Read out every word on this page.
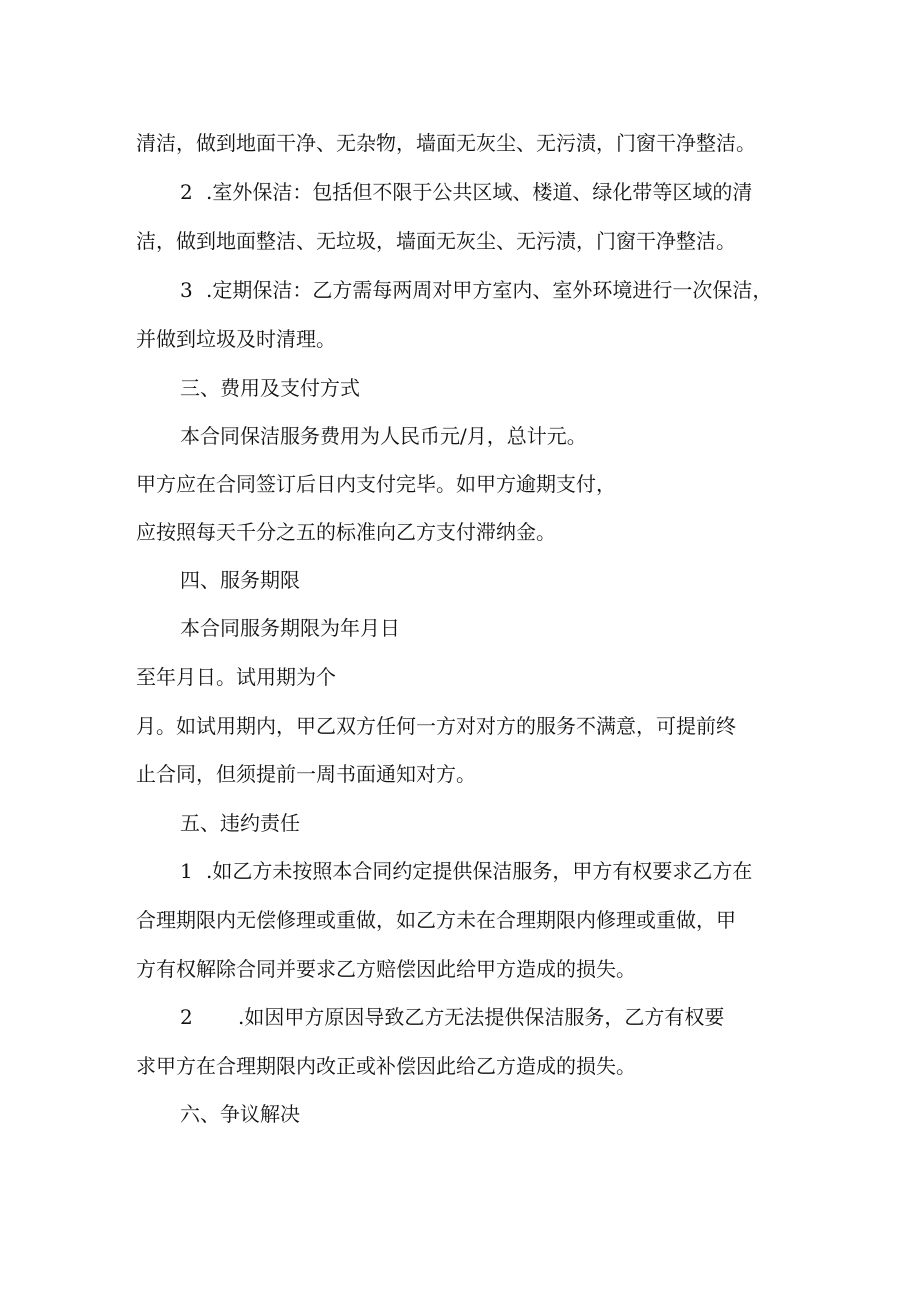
清洁，做到地面干净、无杂物，墙面无灰尘、无污渍，门窗干净整洁。
2 .室外保洁：包括但不限于公共区域、楼道、绿化带等区域的清
洁，做到地面整洁、无垃圾，墙面无灰尘、无污渍，门窗干净整洁。
3 .定期保洁：乙方需每两周对甲方室内、室外环境进行一次保洁，
并做到垃圾及时清理。
三、费用及支付方式
本合同保洁服务费用为人民币元/月，总计元。
甲方应在合同签订后日内支付完毕。如甲方逾期支付，
应按照每天千分之五的标准向乙方支付滞纳金。
四、服务期限
本合同服务期限为年月日
至年月日。试用期为个
月。如试用期内，甲乙双方任何一方对对方的服务不满意，可提前终
止合同，但须提前一周书面通知对方。
五、违约责任
1 .如乙方未按照本合同约定提供保洁服务，甲方有权要求乙方在
合理期限内无偿修理或重做，如乙方未在合理期限内修理或重做，甲
方有权解除合同并要求乙方赔偿因此给甲方造成的损失。
2 .如因甲方原因导致乙方无法提供保洁服务，乙方有权要
求甲方在合理期限内改正或补偿因此给乙方造成的损失。
六、争议解决
